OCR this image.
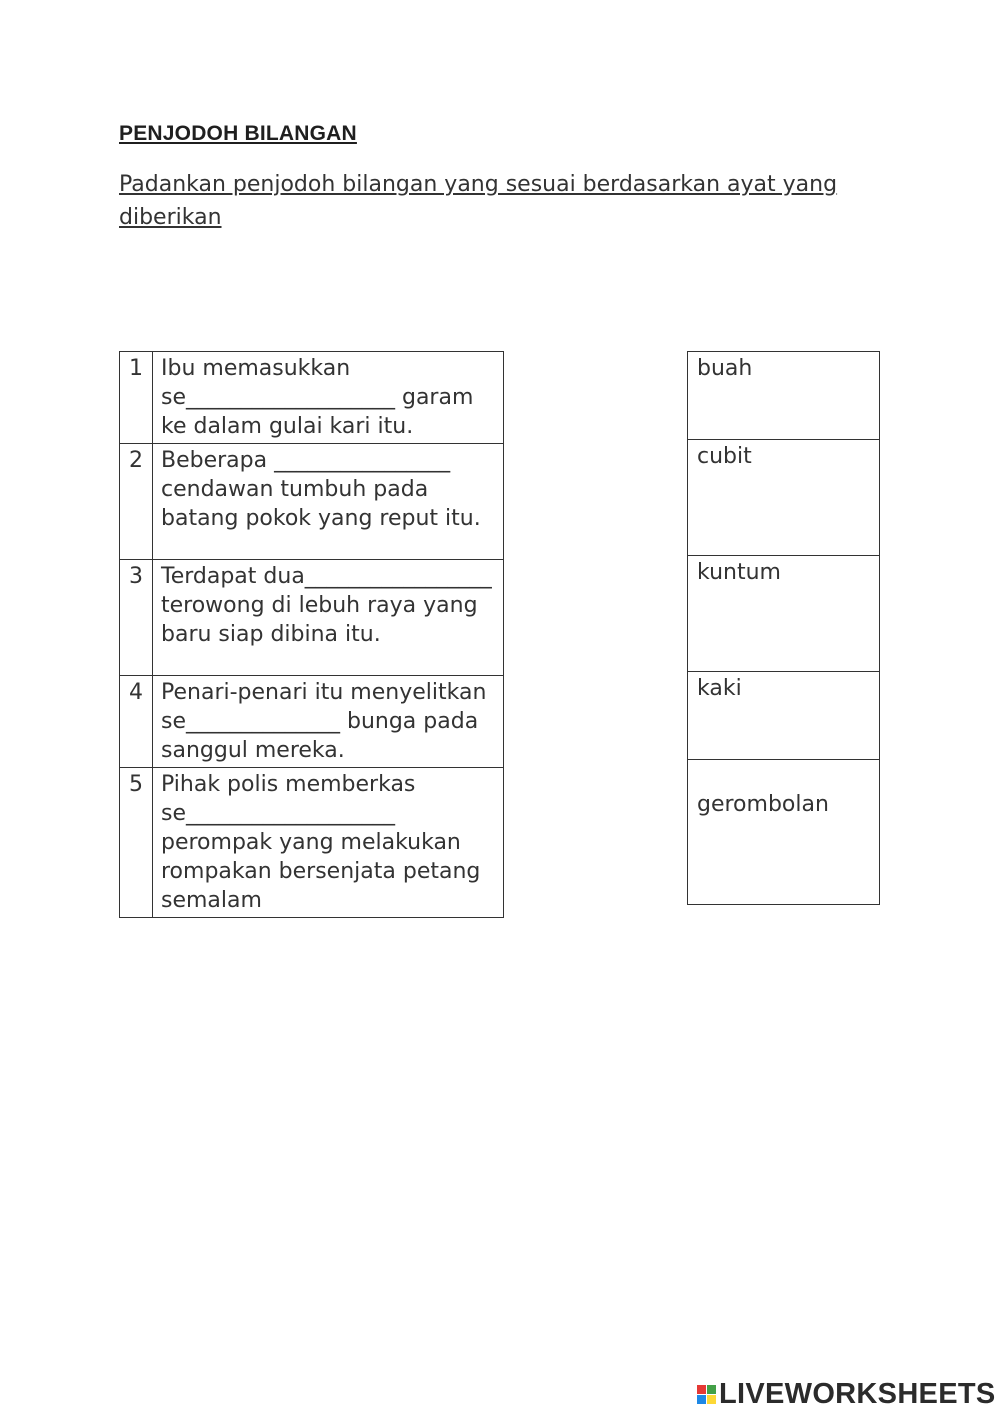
PENJODOH BILANGAN
Padankan penjodoh bilangan yang sesuai berdasarkan ayat yang diberikan
1	Ibu memasukkan se___________________ garam ke dalam gulai kari itu.
2	Beberapa ________________ cendawan tumbuh pada batang pokok yang reput itu.
3	Terdapat dua_________________ terowong di lebuh raya yang baru siap dibina itu.
4	Penari-penari itu menyelitkan se______________ bunga pada sanggul mereka.
5	Pihak polis memberkas se___________________ perompak yang melakukan rompakan bersenjata petang semalam
buah
cubit
kuntum
kaki
gerombolan
LIVEWORKSHEETS
